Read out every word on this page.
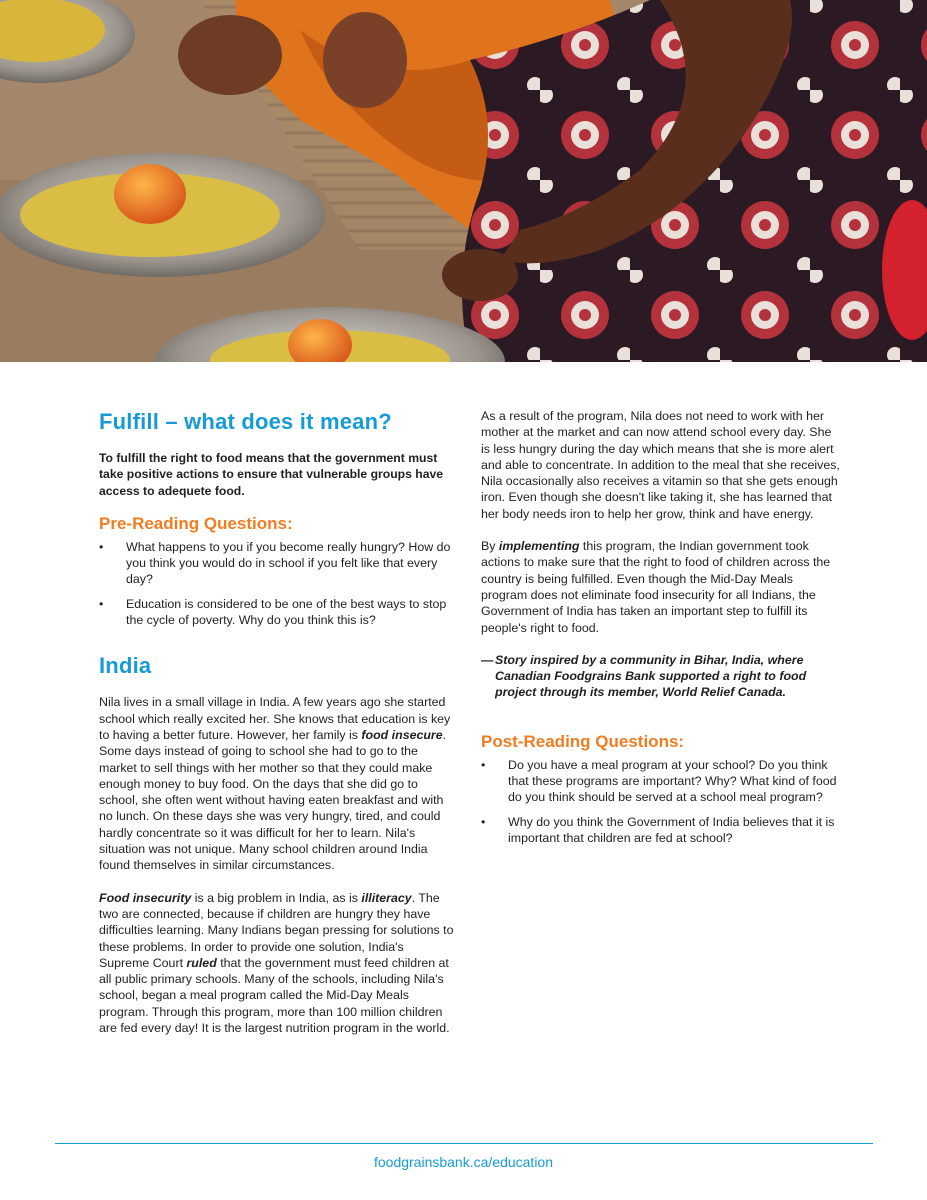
Fulfill – what does it mean?

To fulfill the right to food means that the government must take positive actions to ensure that vulnerable groups have access to adequete food.

Pre-Reading Questions:
• What happens to you if you become really hungry? How do you think you would do in school if you felt like that every day?
• Education is considered to be one of the best ways to stop the cycle of poverty. Why do you think this is?
India

Nila lives in a small village in India. A few years ago she started school which really excited her. She knows that education is key to having a better future. However, her family is food insecure. Some days instead of going to school she had to go to the market to sell things with her mother so that they could make enough money to buy food. On the days that she did go to school, she often went without having eaten breakfast and with no lunch. On these days she was very hungry, tired, and could hardly concentrate so it was difficult for her to learn. Nila's situation was not unique. Many school children around India found themselves in similar circumstances.

Food insecurity is a big problem in India, as is illiteracy. The two are connected, because if children are hungry they have difficulties learning. Many Indians began pressing for solutions to these problems. In order to provide one solution, India's Supreme Court ruled that the government must feed children at all public primary schools. Many of the schools, including Nila's school, began a meal program called the Mid-Day Meals program. Through this program, more than 100 million children are fed every day! It is the largest nutrition program in the world.

As a result of the program, Nila does not need to work with her mother at the market and can now attend school every day. She is less hungry during the day which means that she is more alert and able to concentrate. In addition to the meal that she receives, Nila occasionally also receives a vitamin so that she gets enough iron. Even though she doesn't like taking it, she has learned that her body needs iron to help her grow, think and have energy.

By implementing this program, the Indian government took actions to make sure that the right to food of children across the country is being fulfilled. Even though the Mid-Day Meals program does not eliminate food insecurity for all Indians, the Government of India has taken an important step to fulfill its people's right to food.

— Story inspired by a community in Bihar, India, where Canadian Foodgrains Bank supported a right to food project through its member, World Relief Canada.

Post-Reading Questions:
• Do you have a meal program at your school? Do you think that these programs are important? Why? What kind of food do you think should be served at a school meal program?
• Why do you think the Government of India believes that it is important that children are fed at school?
foodgrainsbank.ca/education
